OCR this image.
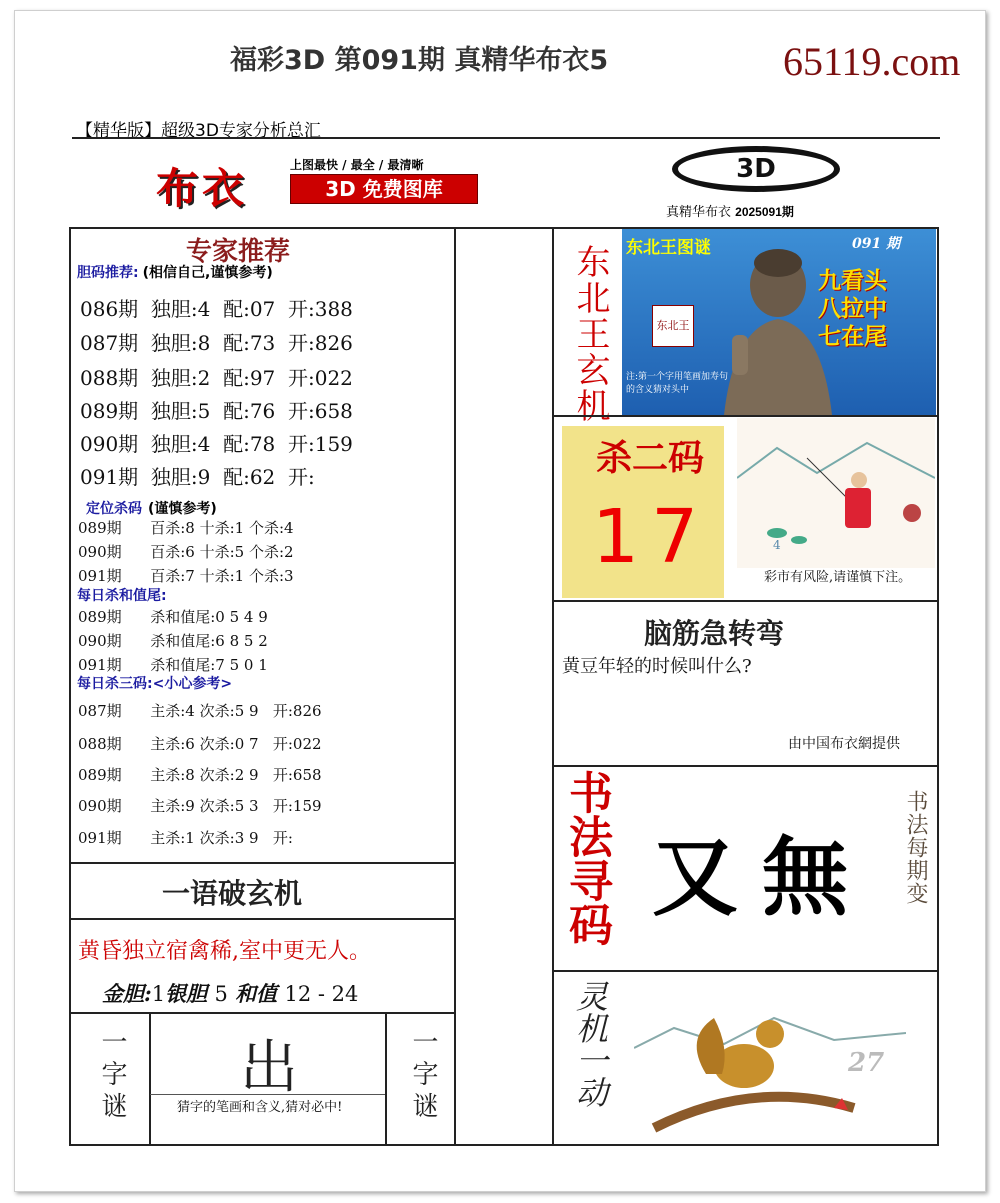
福彩3D 第091期 真精华布衣5	65119.com
【精华版】超级3D专家分析总汇
布衣	上图最快 / 最全 / 最清晰
3D 免费图库
3D
真精华布衣 2025091期
专家推荐
胆码推荐: (相信自己,谨慎参考)
086期 独胆:4 配:07 开:388
087期 独胆:8 配:73 开:826
088期 独胆:2 配:97 开:022
089期 独胆:5 配:76 开:658
090期 独胆:4 配:78 开:159
091期 独胆:9 配:62 开:
定位杀码 (谨慎参考)
089期 百杀:8 十杀:1 个杀:4
090期 百杀:6 十杀:5 个杀:2
091期 百杀:7 十杀:1 个杀:3
每日杀和值尾:
089期 杀和值尾:0 5 4 9
090期 杀和值尾:6 8 5 2
091期 杀和值尾:7 5 0 1
每日杀三码:<小心参考>
087期 主杀:4 次杀:5 9 开:826
088期 主杀:6 次杀:0 7 开:022
089期 主杀:8 次杀:2 9 开:658
090期 主杀:9 次杀:5 3 开:159
091期 主杀:1 次杀:3 9 开:
一语破玄机
黄昏独立宿禽稀,室中更无人。
金胆:1银胆 5 和值 12 - 24
一字谜 出
猜字的笔画和含义,猜对必中!	一字谜
东北王玄机 东北王图谜	091 期
九看头
八拉中
七在尾
东北王
注:第一个字用笔画加寿句的含义猜对头中
杀二码
17	4
彩市有风险,请谨慎下注。
脑筋急转弯
黄豆年轻的时候叫什么?
由中国布衣網提供
书法寻码 又無 书法每期变
灵机一动	27
